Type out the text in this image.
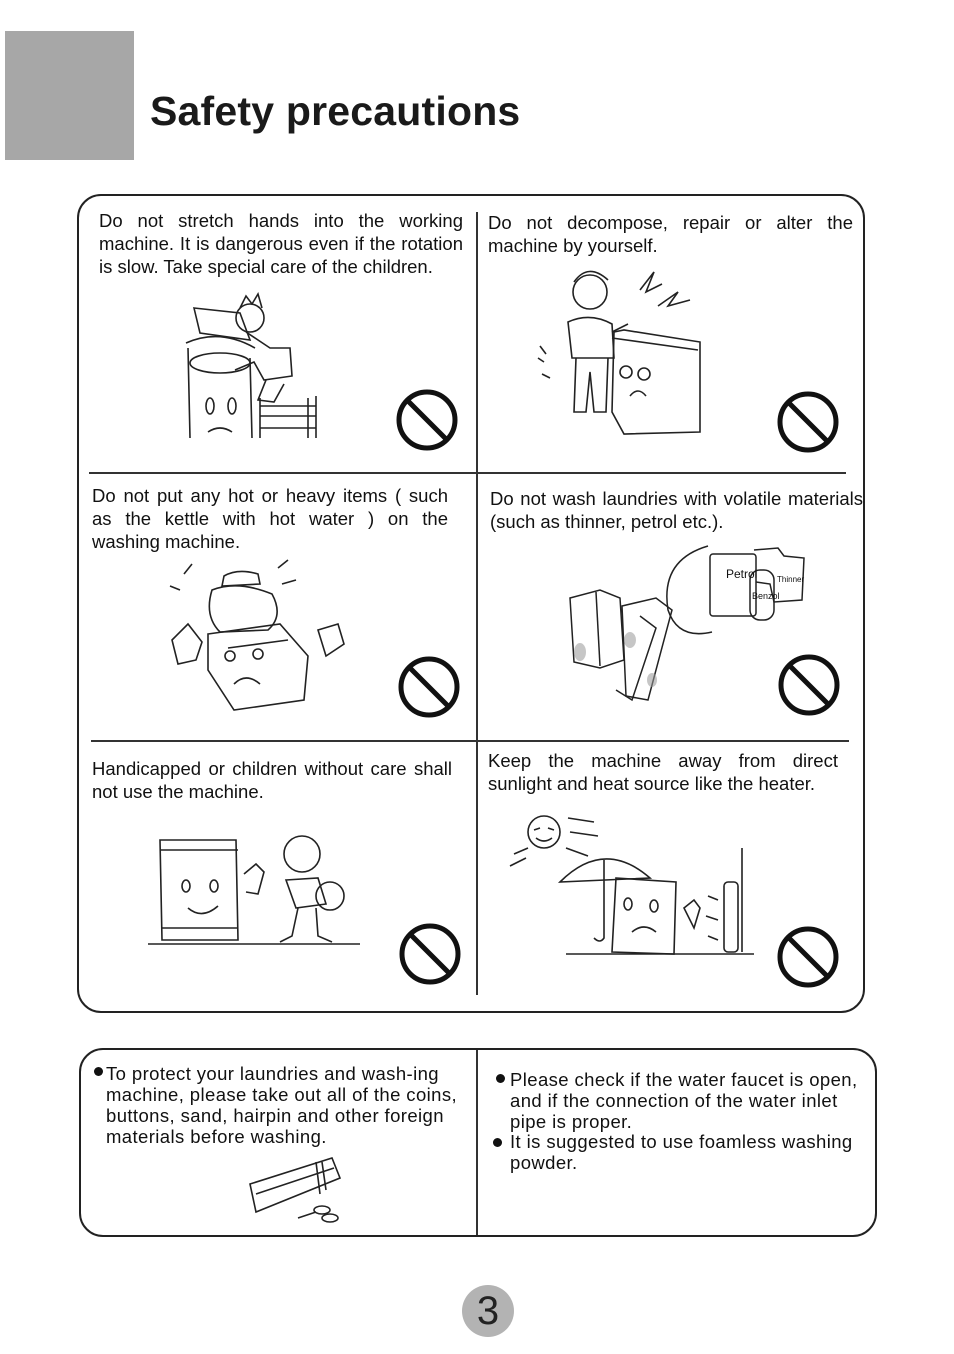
Safety precautions
Do not stretch hands into the working machine. It is dangerous even if the rotation is slow. Take special care of the children.
Do not decompose, repair or alter the machine by yourself.
Do not put any hot or heavy items ( such as the kettle with hot water ) on the washing machine.
Do not wash laundries with volatile materials (such as thinner, petrol etc.).
Petrol Thinner
Benzol
Handicapped or children without care shall not use the machine.
Keep the machine away from direct sunlight and heat source like the heater.
To protect your laundries and wash-ing machine, please take out all of the coins, buttons, sand, hairpin and other foreign materials before washing.
Please check if the water faucet is open, and if the connection of the water inlet pipe is proper.
It is suggested to use foamless washing powder.
3
